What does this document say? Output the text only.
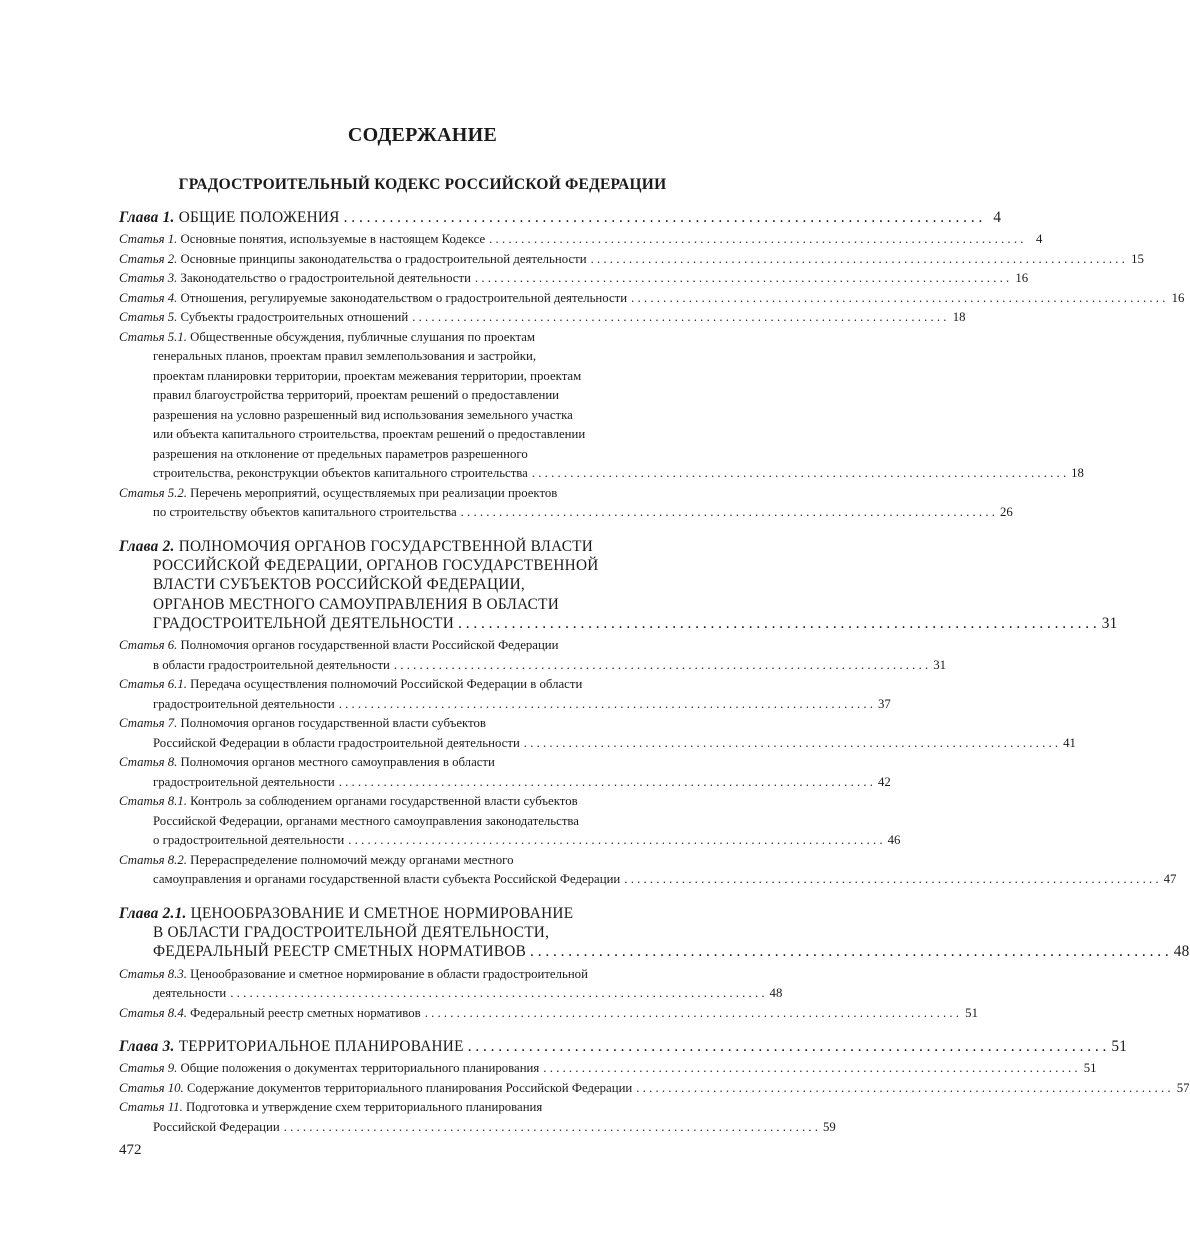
СОДЕРЖАНИЕ
ГРАДОСТРОИТЕЛЬНЫЙ КОДЕКС РОССИЙСКОЙ ФЕДЕРАЦИИ
Глава 1. ОБЩИЕ ПОЛОЖЕНИЯ . . .	4
Статья 1. Основные понятия, используемые в настоящем Кодексе . . .	4
Статья 2. Основные принципы законодательства о градостроительной деятельности . . .	15
Статья 3. Законодательство о градостроительной деятельности . . .	16
Статья 4. Отношения, регулируемые законодательством о градостроительной деятельности . . .	16
Статья 5. Субъекты градостроительных отношений . . .	18
Статья 5.1. Общественные обсуждения, публичные слушания по проектам
генеральных планов, проектам правил землепользования и застройки,
проектам планировки территории, проектам межевания территории, проектам
правил благоустройства территорий, проектам решений о предоставлении
разрешения на условно разрешенный вид использования земельного участка
или объекта капитального строительства, проектам решений о предоставлении
разрешения на отклонение от предельных параметров разрешенного
строительства, реконструкции объектов капитального строительства . . .	18
Статья 5.2. Перечень мероприятий, осуществляемых при реализации проектов
по строительству объектов капитального строительства . . .	26
Глава 2. ПОЛНОМОЧИЯ ОРГАНОВ ГОСУДАРСТВЕННОЙ ВЛАСТИ
РОССИЙСКОЙ ФЕДЕРАЦИИ, ОРГАНОВ ГОСУДАРСТВЕННОЙ
ВЛАСТИ СУБЪЕКТОВ РОССИЙСКОЙ ФЕДЕРАЦИИ,
ОРГАНОВ МЕСТНОГО САМОУПРАВЛЕНИЯ В ОБЛАСТИ
ГРАДОСТРОИТЕЛЬНОЙ ДЕЯТЕЛЬНОСТИ . . .	31
Статья 6. Полномочия органов государственной власти Российской Федерации
в области градостроительной деятельности . . .	31
Статья 6.1. Передача осуществления полномочий Российской Федерации в области
градостроительной деятельности . . .	37
Статья 7. Полномочия органов государственной власти субъектов
Российской Федерации в области градостроительной деятельности . . .	41
Статья 8. Полномочия органов местного самоуправления в области
градостроительной деятельности . . .	42
Статья 8.1. Контроль за соблюдением органами государственной власти субъектов
Российской Федерации, органами местного самоуправления законодательства
о градостроительной деятельности . . .	46
Статья 8.2. Перераспределение полномочий между органами местного
самоуправления и органами государственной власти субъекта Российской Федерации . . .	47
Глава 2.1. ЦЕНООБРАЗОВАНИЕ И СМЕТНОЕ НОРМИРОВАНИЕ
В ОБЛАСТИ ГРАДОСТРОИТЕЛЬНОЙ ДЕЯТЕЛЬНОСТИ,
ФЕДЕРАЛЬНЫЙ РЕЕСТР СМЕТНЫХ НОРМАТИВОВ . . .	48
Статья 8.3. Ценообразование и сметное нормирование в области градостроительной
деятельности . . .	48
Статья 8.4. Федеральный реестр сметных нормативов . . .	51
Глава 3. ТЕРРИТОРИАЛЬНОЕ ПЛАНИРОВАНИЕ . . .	51
Статья 9. Общие положения о документах территориального планирования . . .	51
Статья 10. Содержание документов территориального планирования Российской Федерации . . .	57
Статья 11. Подготовка и утверждение схем территориального планирования
Российской Федерации . . .	59
472
